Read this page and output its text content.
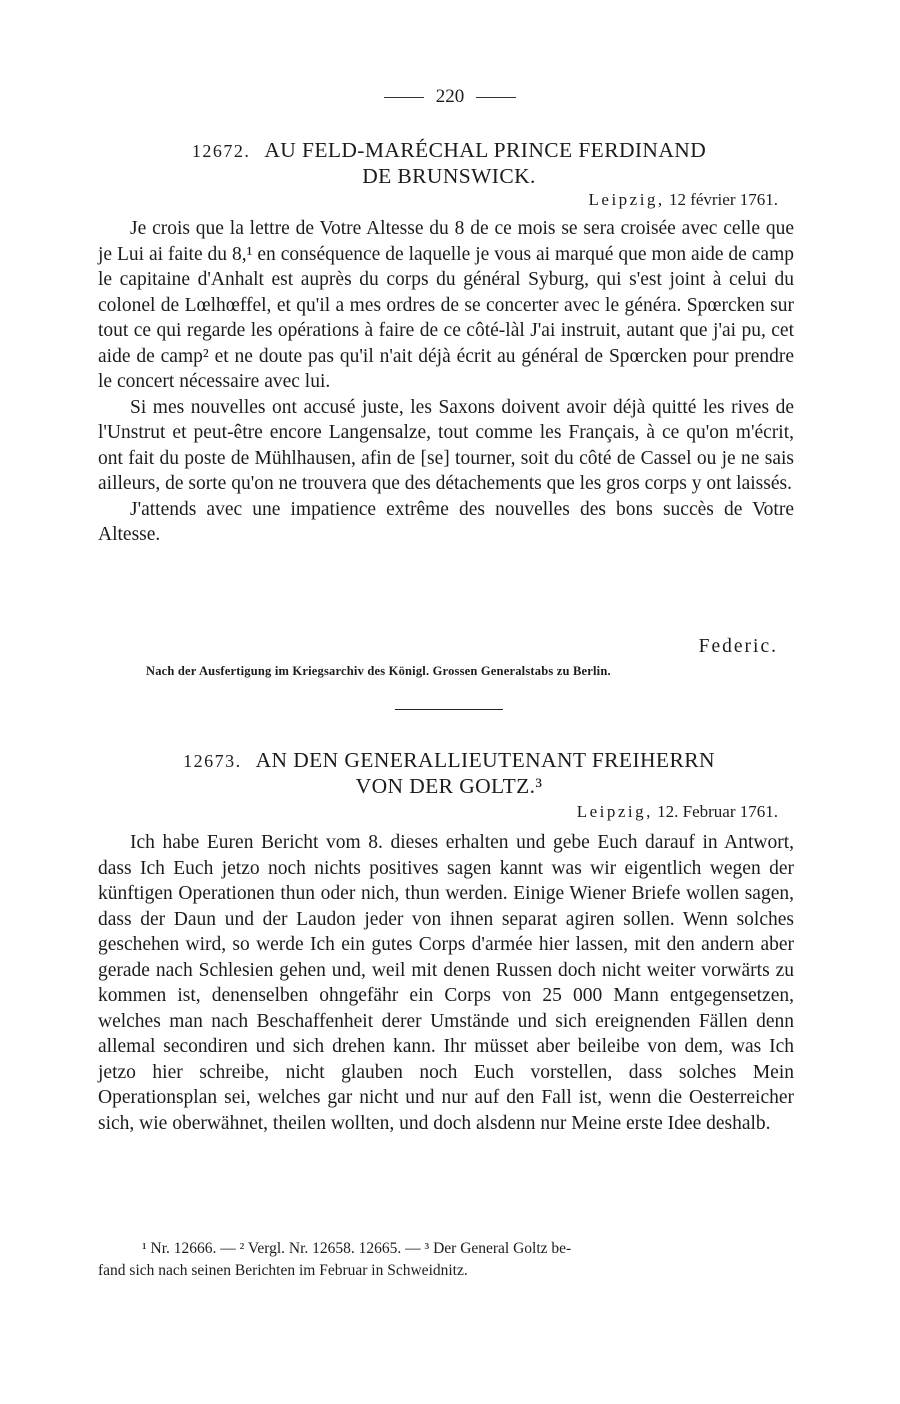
220
12672. AU FELD-MARÉCHAL PRINCE FERDINAND
DE BRUNSWICK.
Leipzig, 12 février 1761.

Je crois que la lettre de Votre Altesse du 8 de ce mois se sera croisée avec celle que je Lui ai faite du 8,¹ en conséquence de laquelle je vous ai marqué que mon aide de camp le capitaine d'Anhalt est auprès du corps du général Syburg, qui s'est joint à celui du colonel de Lœlhœffel, et qu'il a mes ordres de se concerter avec le généra. Spœrcken sur tout ce qui regarde les opérations à faire de ce côté-làl J'ai instruit, autant que j'ai pu, cet aide de camp² et ne doute pas qu'il n'ait déjà écrit au général de Spœrcken pour prendre le concert nécessaire avec lui.

Si mes nouvelles ont accusé juste, les Saxons doivent avoir déjà quitté les rives de l'Unstrut et peut-être encore Langensalze, tout comme les Français, à ce qu'on m'écrit, ont fait du poste de Mühlhausen, afin de [se] tourner, soit du côté de Cassel ou je ne sais ailleurs, de sorte qu'on ne trouvera que des détachements que les gros corps y ont laissés.

J'attends avec une impatience extrême des nouvelles des bons succès de Votre Altesse.

Federic.
Nach der Ausfertigung im Kriegsarchiv des Königl. Grossen Generalstabs zu Berlin.
12673. AN DEN GENERALLIEUTENANT FREIHERRN
VON DER GOLTZ.³
Leipzig, 12. Februar 1761.

Ich habe Euren Bericht vom 8. dieses erhalten und gebe Euch darauf in Antwort, dass Ich Euch jetzo noch nichts positives sagen kannt was wir eigentlich wegen der künftigen Operationen thun oder nich, thun werden. Einige Wiener Briefe wollen sagen, dass der Daun und der Laudon jeder von ihnen separat agiren sollen. Wenn solches geschehen wird, so werde Ich ein gutes Corps d'armée hier lassen, mit den andern aber gerade nach Schlesien gehen und, weil mit denen Russen doch nicht weiter vorwärts zu kommen ist, denenselben ohngefähr ein Corps von 25 000 Mann entgegensetzen, welches man nach Beschaffenheit derer Umstände und sich ereignenden Fällen denn allemal secondiren und sich drehen kann. Ihr müsset aber beileibe von dem, was Ich jetzo hier schreibe, nicht glauben noch Euch vorstellen, dass solches Mein Operationsplan sei, welches gar nicht und nur auf den Fall ist, wenn die Oesterreicher sich, wie oberwähnet, theilen wollten, und doch alsdenn nur Meine erste Idee deshalb.

¹ Nr. 12666. — ² Vergl. Nr. 12658. 12665. — ³ Der General Goltz be-
fand sich nach seinen Berichten im Februar in Schweidnitz.
